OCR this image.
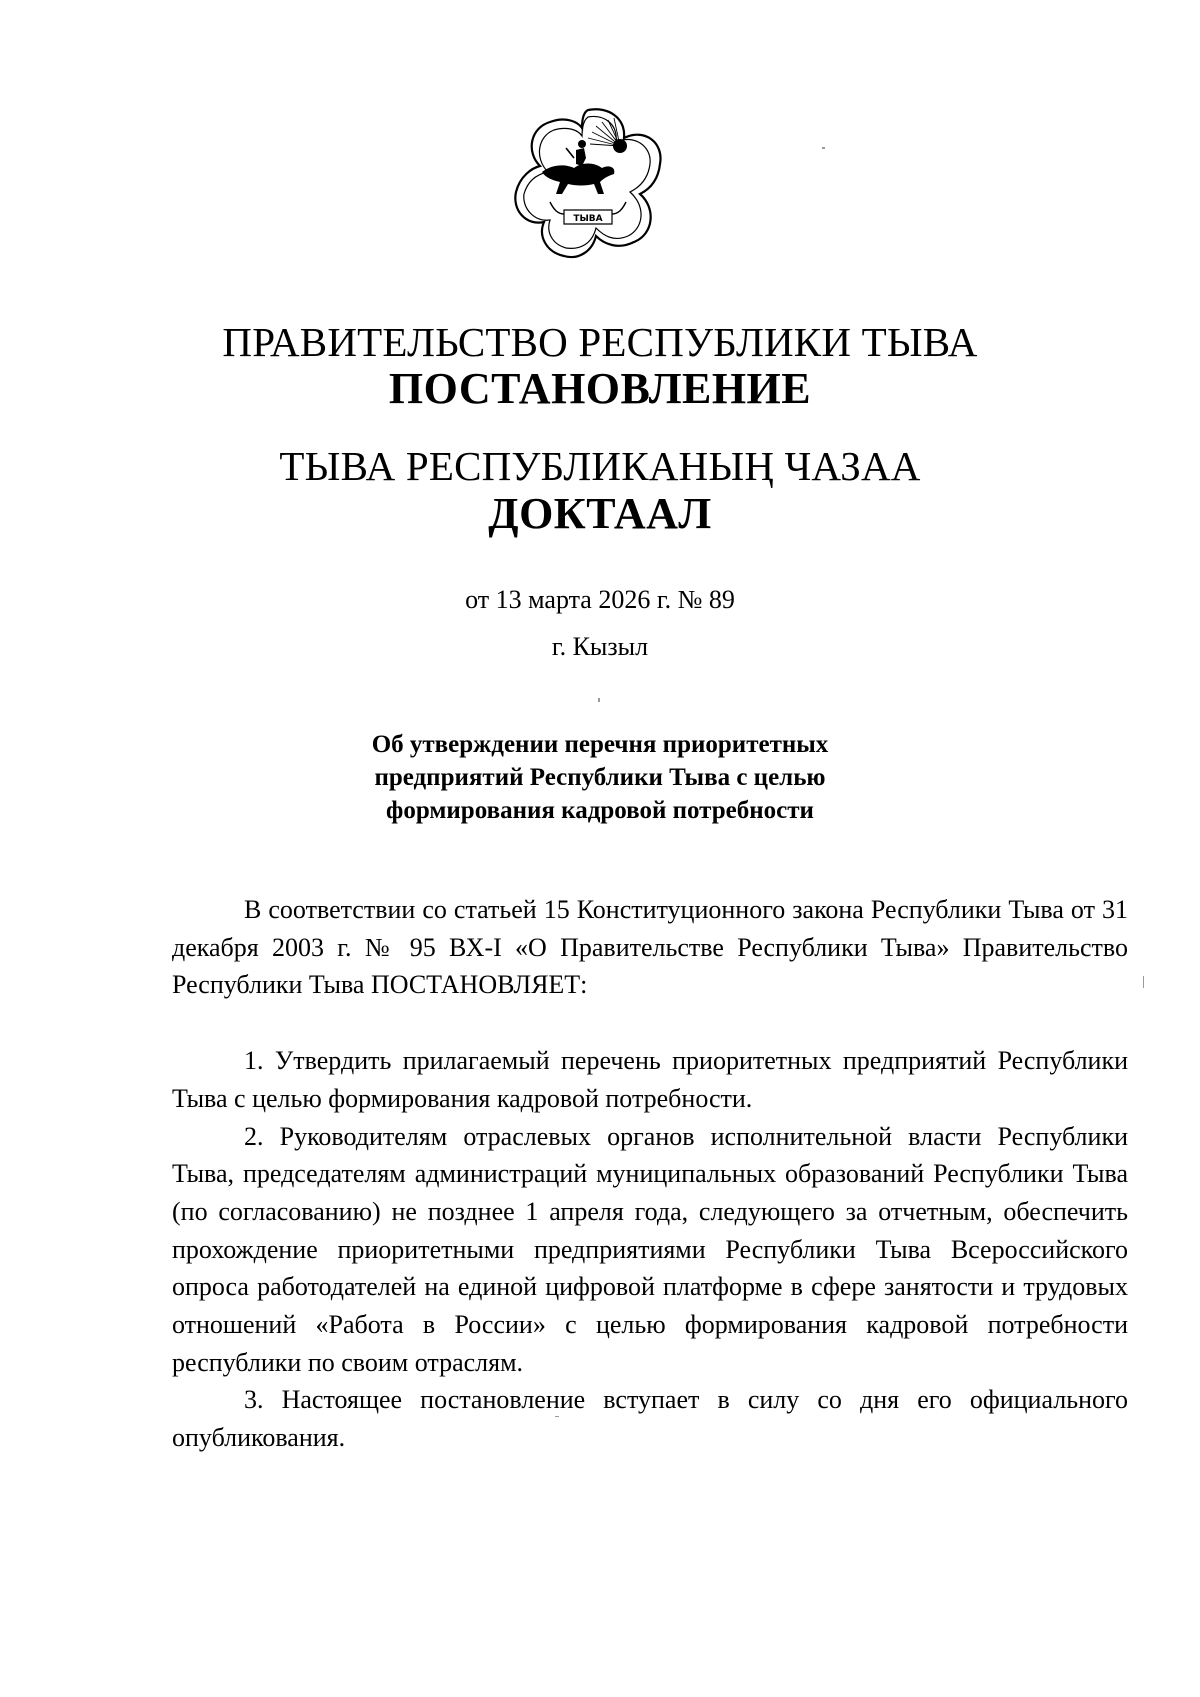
ТЫВА
ПРАВИТЕЛЬСТВО РЕСПУБЛИКИ ТЫВА
ПОСТАНОВЛЕНИЕ
ТЫВА РЕСПУБЛИКАНЫҢ ЧАЗАА
ДОКТААЛ
от 13 марта 2026 г. № 89
г. Кызыл
Об утверждении перечня приоритетных
предприятий Республики Тыва с целью
формирования кадровой потребности

В соответствии со статьей 15 Конституционного закона Республики Тыва от 31 декабря 2003 г. № 95 ВХ-I «О Правительстве Республики Тыва» Правительство Республики Тыва ПОСТАНОВЛЯЕТ:

1. Утвердить прилагаемый перечень приоритетных предприятий Республики Тыва с целью формирования кадровой потребности.

2. Руководителям отраслевых органов исполнительной власти Республики Тыва, председателям администраций муниципальных образований Республики Тыва (по согласованию) не позднее 1 апреля года, следующего за отчетным, обеспечить прохождение приоритетными предприятиями Республики Тыва Всероссийского опроса работодателей на единой цифровой платформе в сфере занятости и трудовых отношений «Работа в России» с целью формирования кадровой потребности республики по своим отраслям.

3. Настоящее постановление вступает в силу со дня его официального опубликования.
